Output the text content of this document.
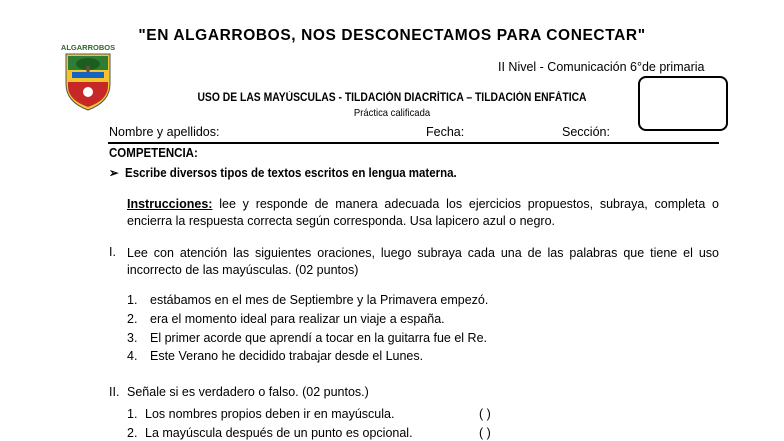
"EN ALGARROBOS, NOS DESCONECTAMOS PARA CONECTAR"
II Nivel - Comunicación 6°de primaria
ALGARROBOS
USO DE LAS MAYÚSCULAS - TILDACIÓN DIACRÍTICA – TILDACIÓN ENFÁTICA
Práctica calificada
Nombre y apellidos:	Fecha:	Sección:
COMPETENCIA:
➢ Escribe diversos tipos de textos escritos en lengua materna.
Instrucciones: lee y responde de manera adecuada los ejercicios propuestos, subraya, completa o encierra la respuesta correcta según corresponda. Usa lapicero azul o negro.
I. Lee con atención las siguientes oraciones, luego subraya cada una de las palabras que tiene el uso incorrecto de las mayúsculas. (02 puntos)
1. estábamos en el mes de Septiembre y la Primavera empezó.
2. era el momento ideal para realizar un viaje a españa.
3. El primer acorde que aprendí a tocar en la guitarra fue el Re.
4. Este Verano he decidido trabajar desde el Lunes.
II. Señale si es verdadero o falso. (02 puntos.)
1. Los nombres propios deben ir en mayúscula.	( )
2. La mayúscula después de un punto es opcional.	( )
